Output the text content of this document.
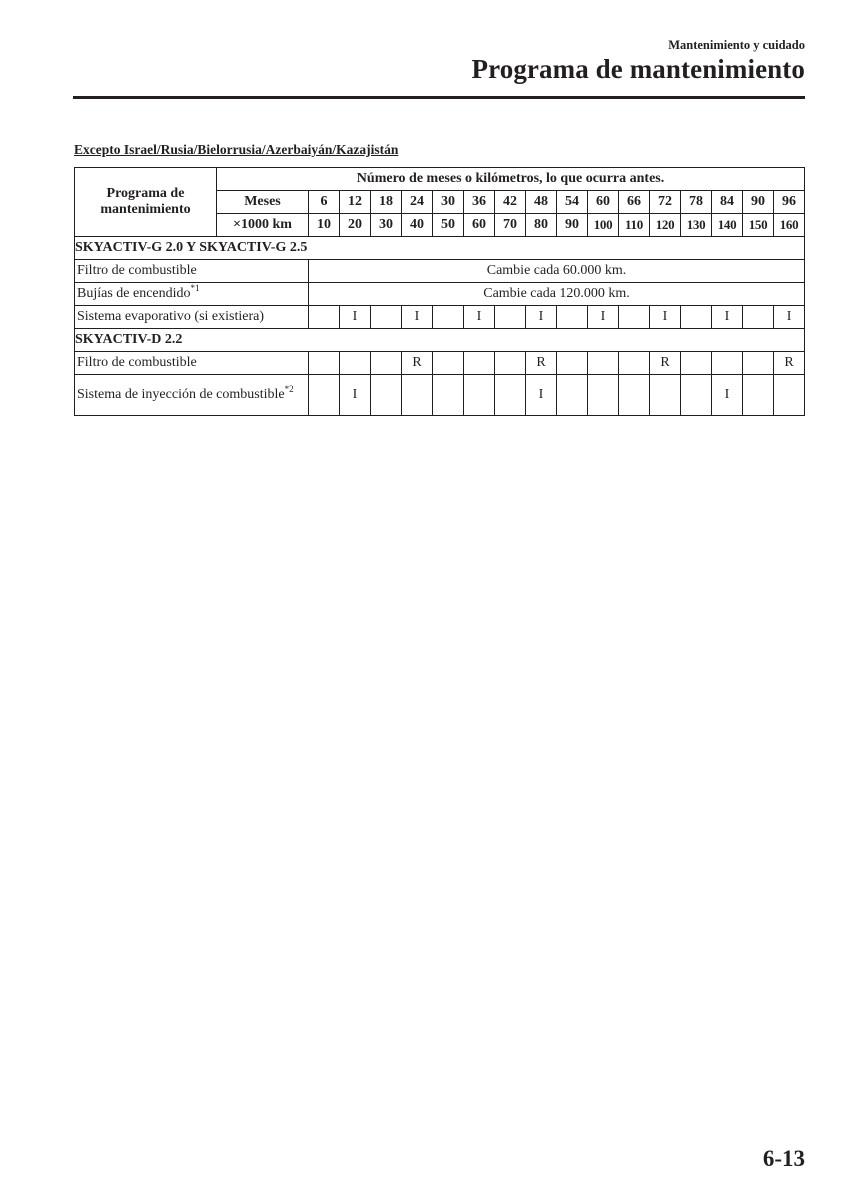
Mantenimiento y cuidado
Programa de mantenimiento
Excepto Israel/Rusia/Bielorrusia/Azerbaiyán/Kazajistán
Programa de mantenimiento	Número de meses o kilómetros, lo que ocurra antes.																
	Meses	6	12	18	24	30	36	42	48	54	60	66	72	78	84	90	96
	×1000 km	10	20	30	40	50	60	70	80	90	100	110	120	130	140	150	160
SKYACTIV-G 2.0 Y SKYACTIV-G 2.5																	
Filtro de combustible		Cambie cada 60.000 km.															
Bujías de encendido$^{*1}$		Cambie cada 120.000 km.															
Sistema evaporativo (si existiera)			I		I		I		I		I		I		I		I
SKYACTIV-D 2.2																	
Filtro de combustible					R				R				R				R
Sistema de inyección de combustible$^{*2}$			I						I						I		
6-13
